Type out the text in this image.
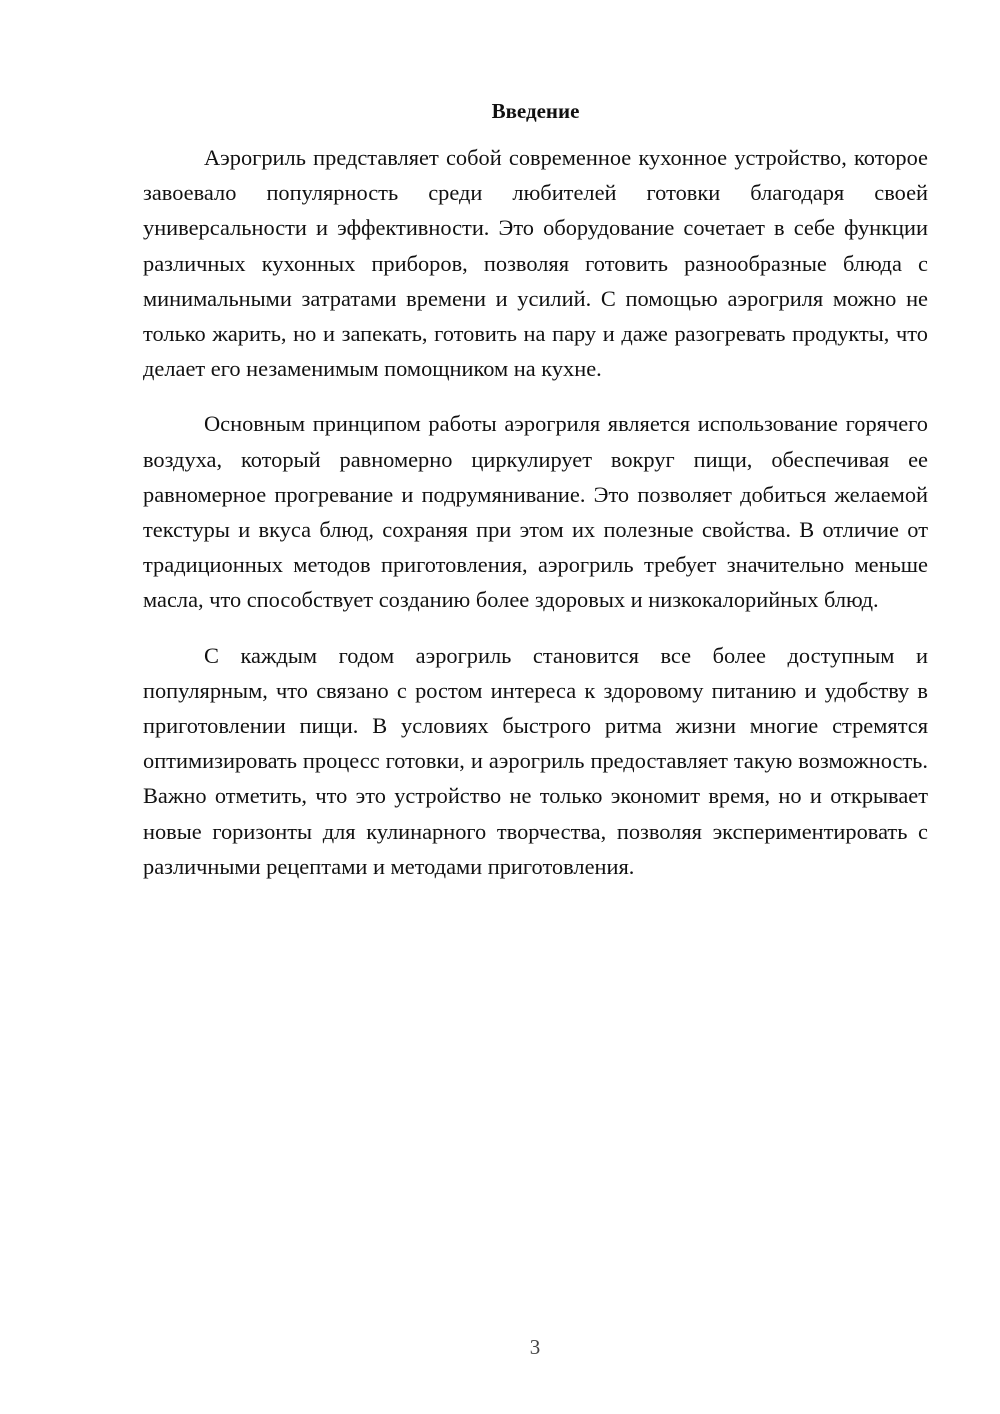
Введение

Аэрогриль представляет собой современное кухонное устройство, которое завоевало популярность среди любителей готовки благодаря своей универсальности и эффективности. Это оборудование сочетает в себе функции различных кухонных приборов, позволяя готовить разнообразные блюда с минимальными затратами времени и усилий. С помощью аэрогриля можно не только жарить, но и запекать, готовить на пару и даже разогревать продукты, что делает его незаменимым помощником на кухне.

Основным принципом работы аэрогриля является использование горячего воздуха, который равномерно циркулирует вокруг пищи, обеспечивая ее равномерное прогревание и подрумянивание. Это позволяет добиться желаемой текстуры и вкуса блюд, сохраняя при этом их полезные свойства. В отличие от традиционных методов приготовления, аэрогриль требует значительно меньше масла, что способствует созданию более здоровых и низкокалорийных блюд.

С каждым годом аэрогриль становится все более доступным и популярным, что связано с ростом интереса к здоровому питанию и удобству в приготовлении пищи. В условиях быстрого ритма жизни многие стремятся оптимизировать процесс готовки, и аэрогриль предоставляет такую возможность. Важно отметить, что это устройство не только экономит время, но и открывает новые горизонты для кулинарного творчества, позволяя экспериментировать с различными рецептами и методами приготовления.

3
